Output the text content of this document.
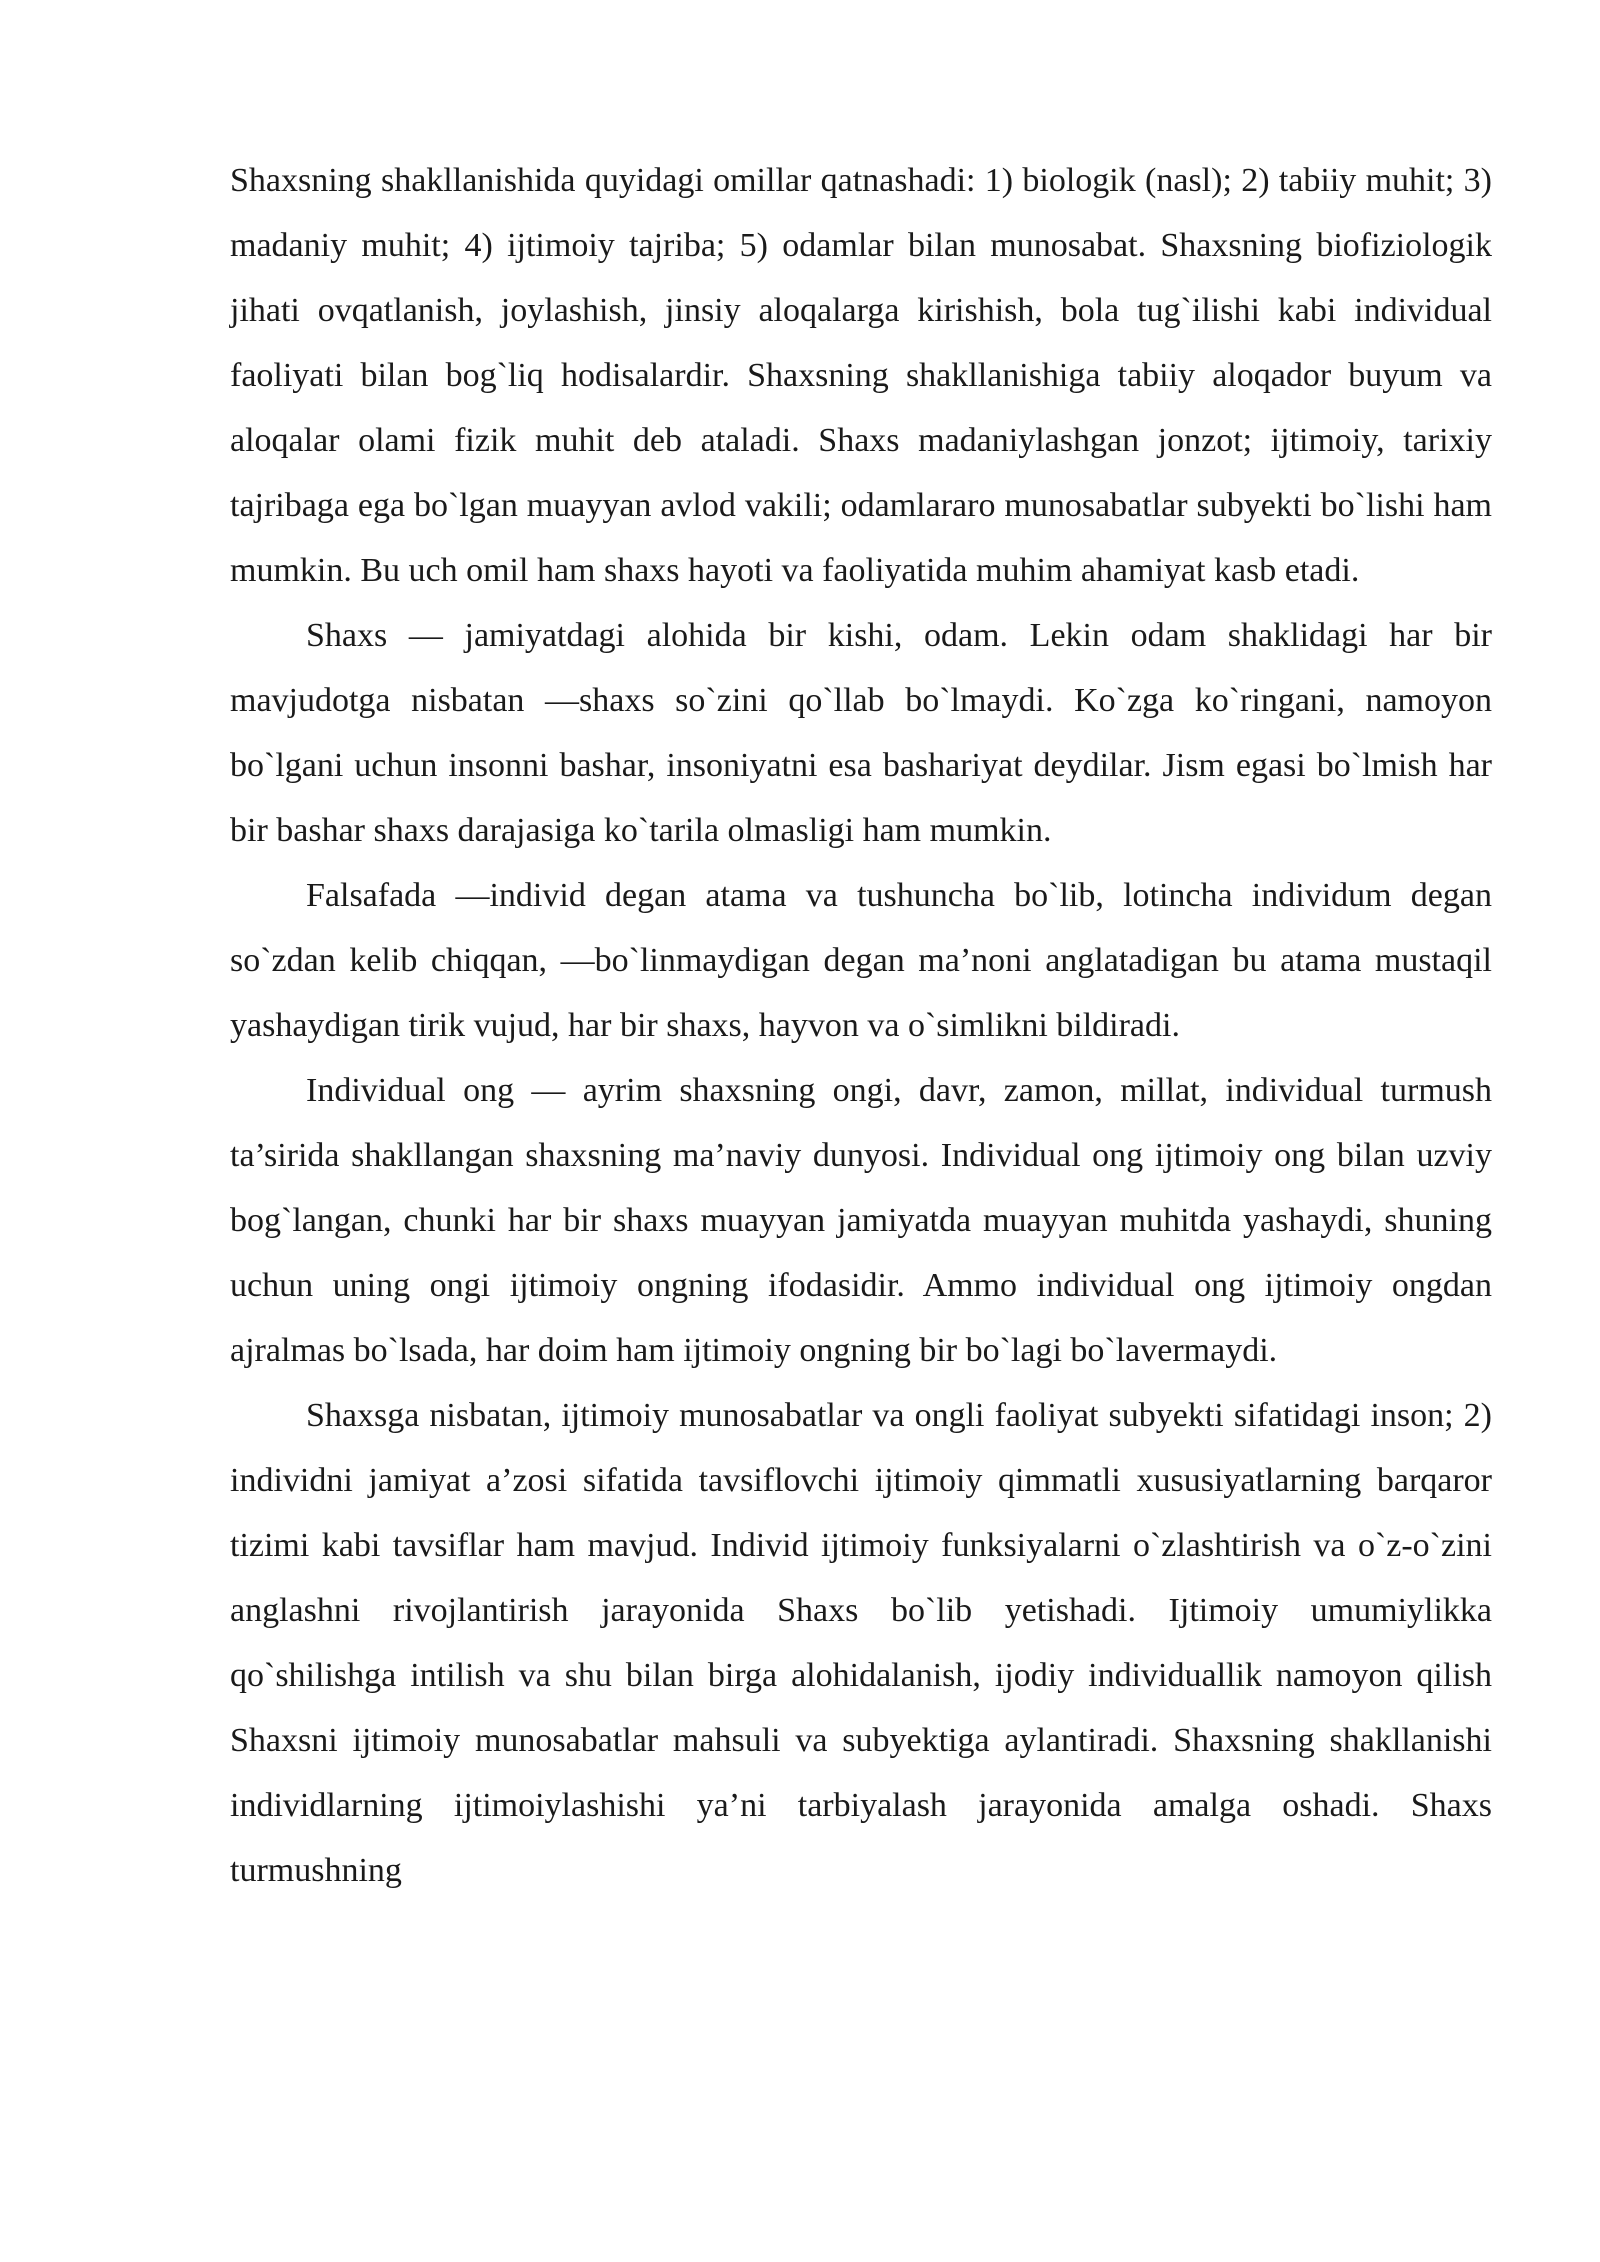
Shaxsning shakllanishida quyidagi omillar qatnashadi: 1) biologik (nasl); 2) tabiiy muhit; 3) madaniy muhit; 4) ijtimoiy tajriba; 5) odamlar bilan munosabat. Shaxsning biofiziologik jihati ovqatlanish, joylashish, jinsiy aloqalarga kirishish, bola tug`ilishi kabi individual faoliyati bilan bog`liq hodisalardir. Shaxsning shakllanishiga tabiiy aloqador buyum va aloqalar olami fizik muhit deb ataladi. Shaxs madaniylashgan jonzot; ijtimoiy, tarixiy tajribaga ega bo`lgan muayyan avlod vakili; odamlararo munosabatlar subyekti bo`lishi ham mumkin. Bu uch omil ham shaxs hayoti va faoliyatida muhim ahamiyat kasb etadi.

Shaxs — jamiyatdagi alohida bir kishi, odam. Lekin odam shaklidagi har bir mavjudotga nisbatan —shaxs so`zini qo`llab bo`lmaydi. Ko`zga ko`ringani, namoyon bo`lgani uchun insonni bashar, insoniyatni esa bashariyat deydilar. Jism egasi bo`lmish har bir bashar shaxs darajasiga ko`tarila olmasligi ham mumkin.

Falsafada —individ degan atama va tushuncha bo`lib, lotincha individum degan so`zdan kelib chiqqan, —bo`linmaydigan degan ma’noni anglatadigan bu atama mustaqil yashaydigan tirik vujud, har bir shaxs, hayvon va o`simlikni bildiradi.

Individual ong — ayrim shaxsning ongi, davr, zamon, millat, individual turmush ta’sirida shakllangan shaxsning ma’naviy dunyosi. Individual ong ijtimoiy ong bilan uzviy bog`langan, chunki har bir shaxs muayyan jamiyatda muayyan muhitda yashaydi, shuning uchun uning ongi ijtimoiy ongning ifodasidir. Ammo individual ong ijtimoiy ongdan ajralmas bo`lsada, har doim ham ijtimoiy ongning bir bo`lagi bo`lavermaydi.

Shaxsga nisbatan, ijtimoiy munosabatlar va ongli faoliyat subyekti sifatidagi inson; 2) individni jamiyat a’zosi sifatida tavsiflovchi ijtimoiy qimmatli xususiyatlarning barqaror tizimi kabi tavsiflar ham mavjud. Individ ijtimoiy funksiyalarni o`zlashtirish va o`z-o`zini anglashni rivojlantirish jarayonida Shaxs bo`lib yetishadi. Ijtimoiy umumiylikka qo`shilishga intilish va shu bilan birga alohidalanish, ijodiy individuallik namoyon qilish Shaxsni ijtimoiy munosabatlar mahsuli va subyektiga aylantiradi. Shaxsning shakllanishi individlarning ijtimoiylashishi ya’ni tarbiyalash jarayonida amalga oshadi. Shaxs turmushning
